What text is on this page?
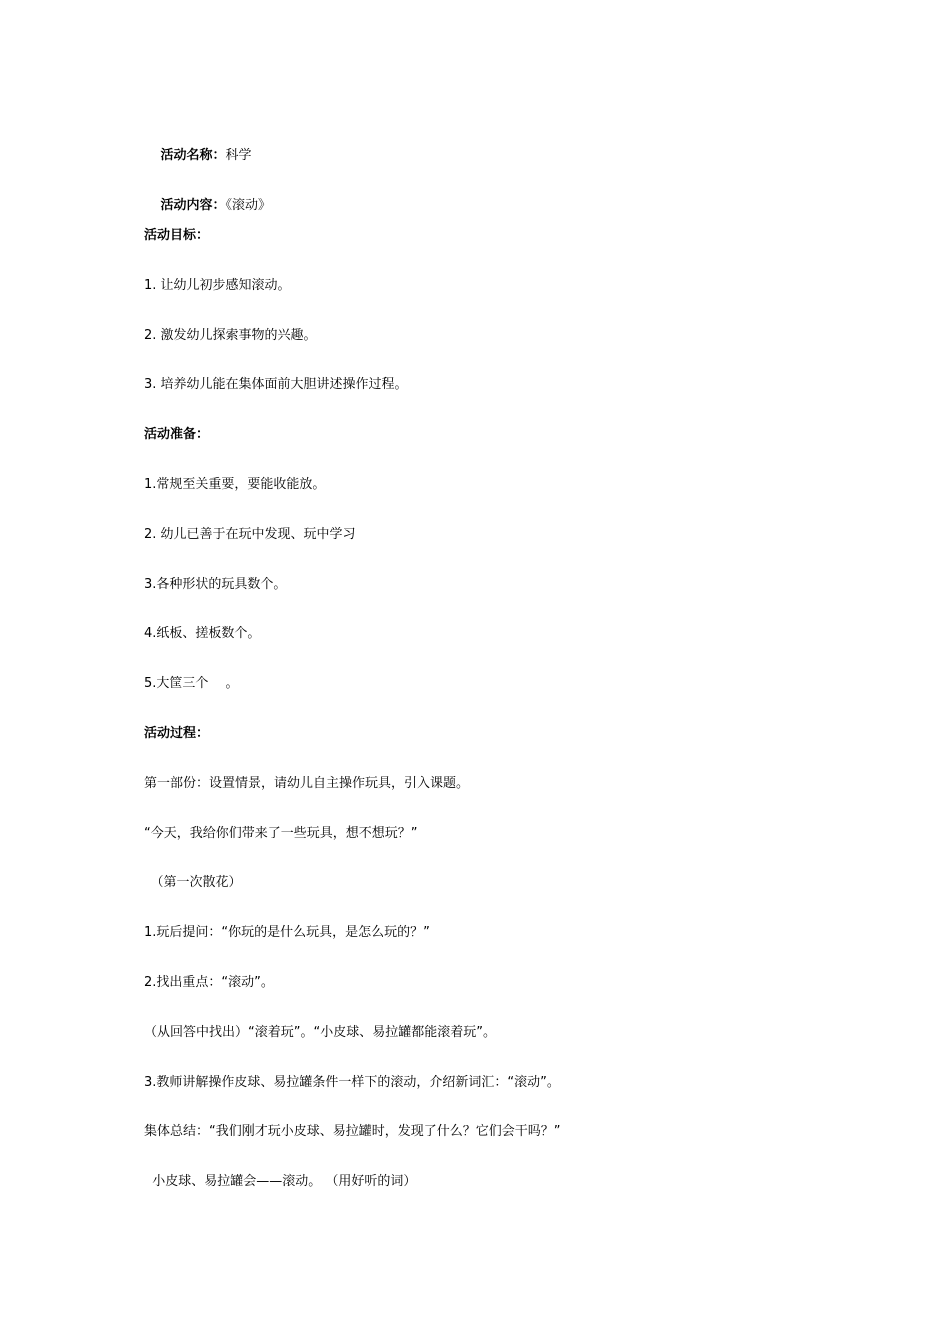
活动名称：科学

活动内容：《滚动》

活动目标：
1. 让幼儿初步感知滚动。
2. 激发幼儿探索事物的兴趣。
3. 培养幼儿能在集体面前大胆讲述操作过程。
活动准备：
1.常规至关重要，要能收能放。
2. 幼儿已善于在玩中发现、玩中学习
3.各种形状的玩具数个。
4.纸板、搓板数个。
5.大筐三个　 。
活动过程：
第一部份：设置情景，请幼儿自主操作玩具，引入课题。
“今天，我给你们带来了一些玩具，想不想玩？”
　（第一次散花）
1.玩后提问：“你玩的是什么玩具，是怎么玩的？”
2.找出重点：“滚动”。
（从回答中找出）“滚着玩”。“小皮球、易拉罐都能滚着玩”。
3.教师讲解操作皮球、易拉罐条件一样下的滚动，介绍新词汇：“滚动”。
集体总结：“我们刚才玩小皮球、易拉罐时，发现了什么？它们会干吗？”
小皮球、易拉罐会——滚动。 （用好听的词）
